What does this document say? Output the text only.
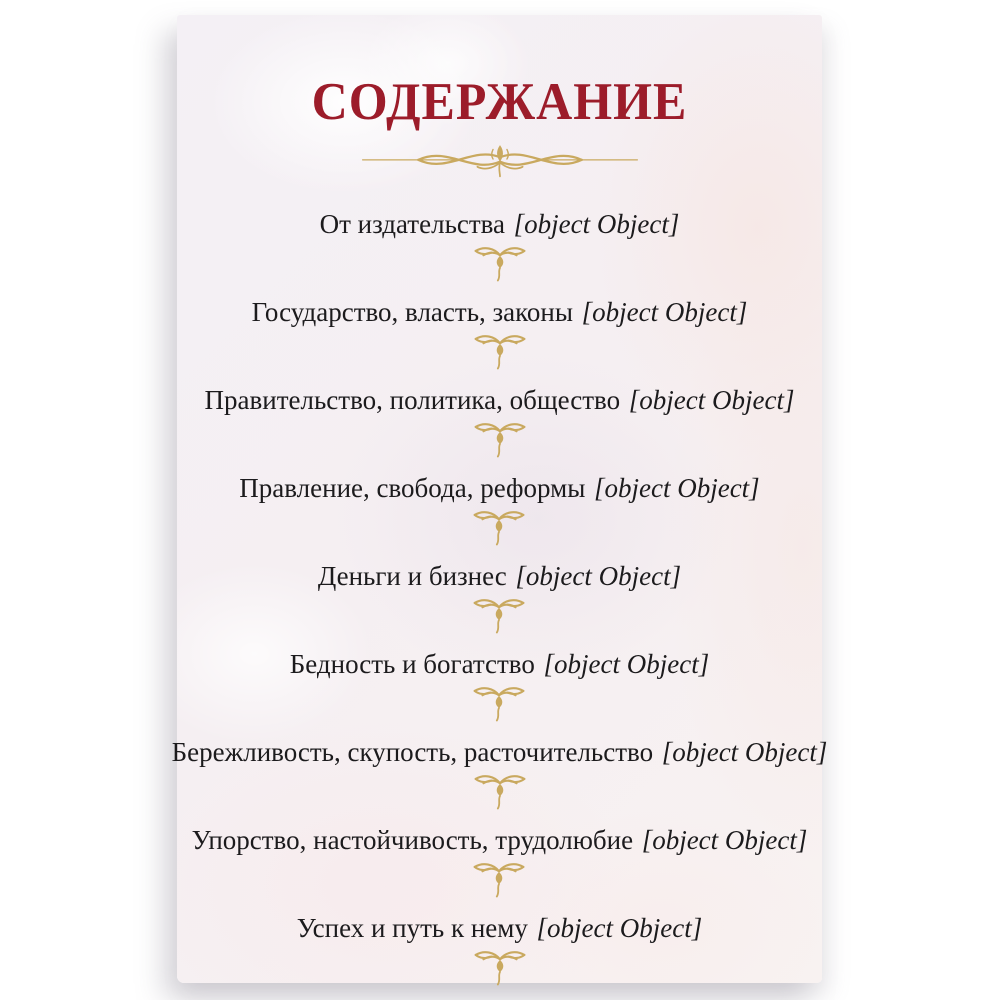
СОДЕРЖАНИЕ
От издательства [object Object]
Государство, власть, законы [object Object]
Правительство, политика, общество [object Object]
Правление, свобода, реформы [object Object]
Деньги и бизнес [object Object]
Бедность и богатство [object Object]
Бережливость, скупость, расточительство [object Object]
Упорство, настойчивость, трудолюбие [object Object]
Успех и путь к нему [object Object]
